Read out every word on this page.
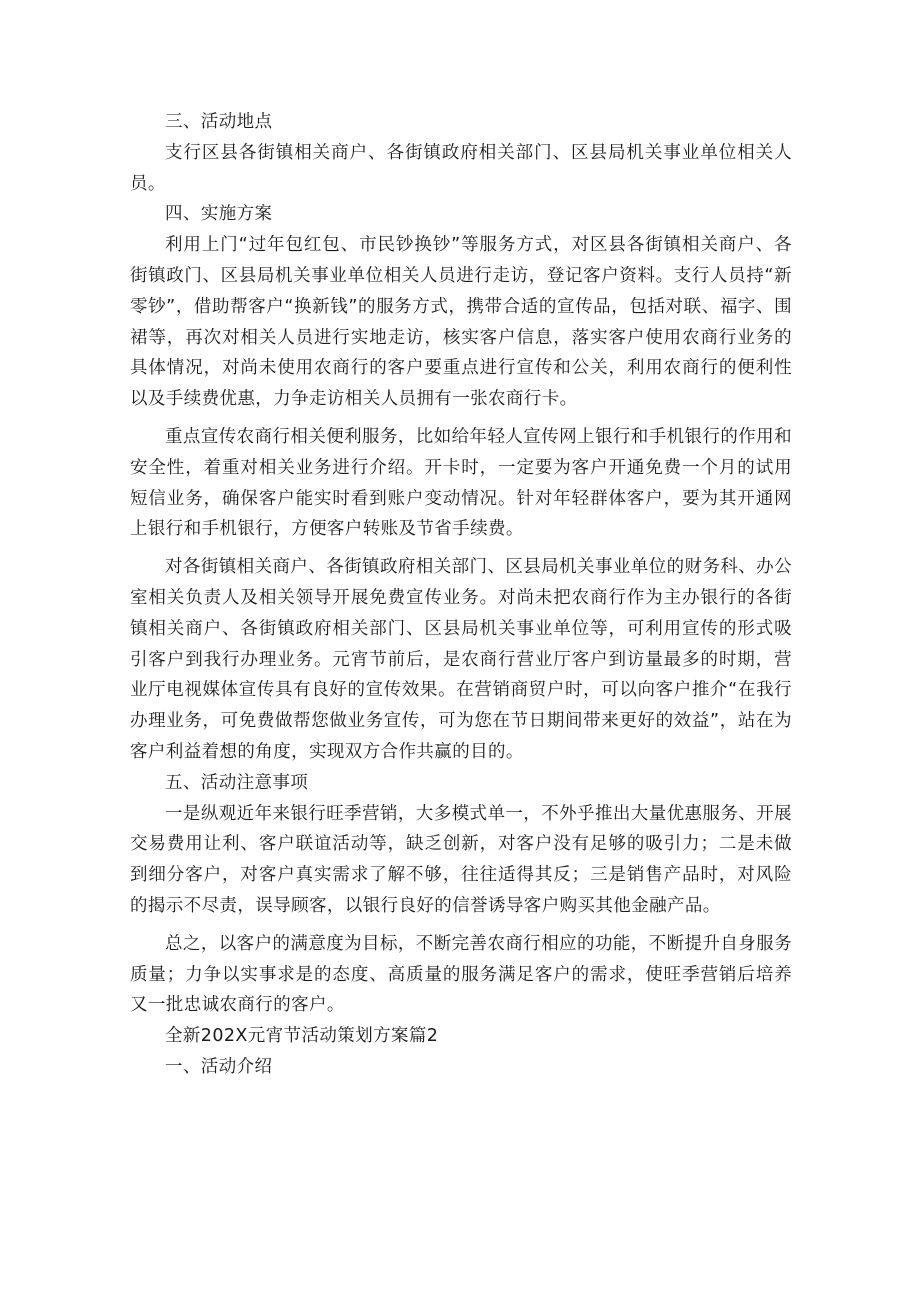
三、活动地点

支行区县各街镇相关商户、各街镇政府相关部门、区县局机关事业单位相关人员。

四、实施方案

利用上门“过年包红包、市民钞换钞”等服务方式，对区县各街镇相关商户、各街镇政门、区县局机关事业单位相关人员进行走访，登记客户资料。支行人员持“新零钞”，借助帮客户“换新钱”的服务方式，携带合适的宣传品，包括对联、福字、围裙等，再次对相关人员进行实地走访，核实客户信息，落实客户使用农商行业务的具体情况，对尚未使用农商行的客户要重点进行宣传和公关，利用农商行的便利性以及手续费优惠，力争走访相关人员拥有一张农商行卡。

重点宣传农商行相关便利服务，比如给年轻人宣传网上银行和手机银行的作用和安全性，着重对相关业务进行介绍。开卡时，一定要为客户开通免费一个月的试用短信业务，确保客户能实时看到账户变动情况。针对年轻群体客户，要为其开通网上银行和手机银行，方便客户转账及节省手续费。

对各街镇相关商户、各街镇政府相关部门、区县局机关事业单位的财务科、办公室相关负责人及相关领导开展免费宣传业务。对尚未把农商行作为主办银行的各街镇相关商户、各街镇政府相关部门、区县局机关事业单位等，可利用宣传的形式吸引客户到我行办理业务。元宵节前后，是农商行营业厅客户到访量最多的时期，营业厅电视媒体宣传具有良好的宣传效果。在营销商贸户时，可以向客户推介“在我行办理业务，可免费做帮您做业务宣传，可为您在节日期间带来更好的效益”，站在为客户利益着想的角度，实现双方合作共赢的目的。

五、活动注意事项

一是纵观近年来银行旺季营销，大多模式单一，不外乎推出大量优惠服务、开展交易费用让利、客户联谊活动等，缺乏创新，对客户没有足够的吸引力；二是未做到细分客户，对客户真实需求了解不够，往往适得其反；三是销售产品时，对风险的揭示不尽责，误导顾客，以银行良好的信誉诱导客户购买其他金融产品。

总之，以客户的满意度为目标，不断完善农商行相应的功能，不断提升自身服务质量；力争以实事求是的态度、高质量的服务满足客户的需求，使旺季营销后培养又一批忠诚农商行的客户。

全新202X元宵节活动策划方案篇2

一、活动介绍
